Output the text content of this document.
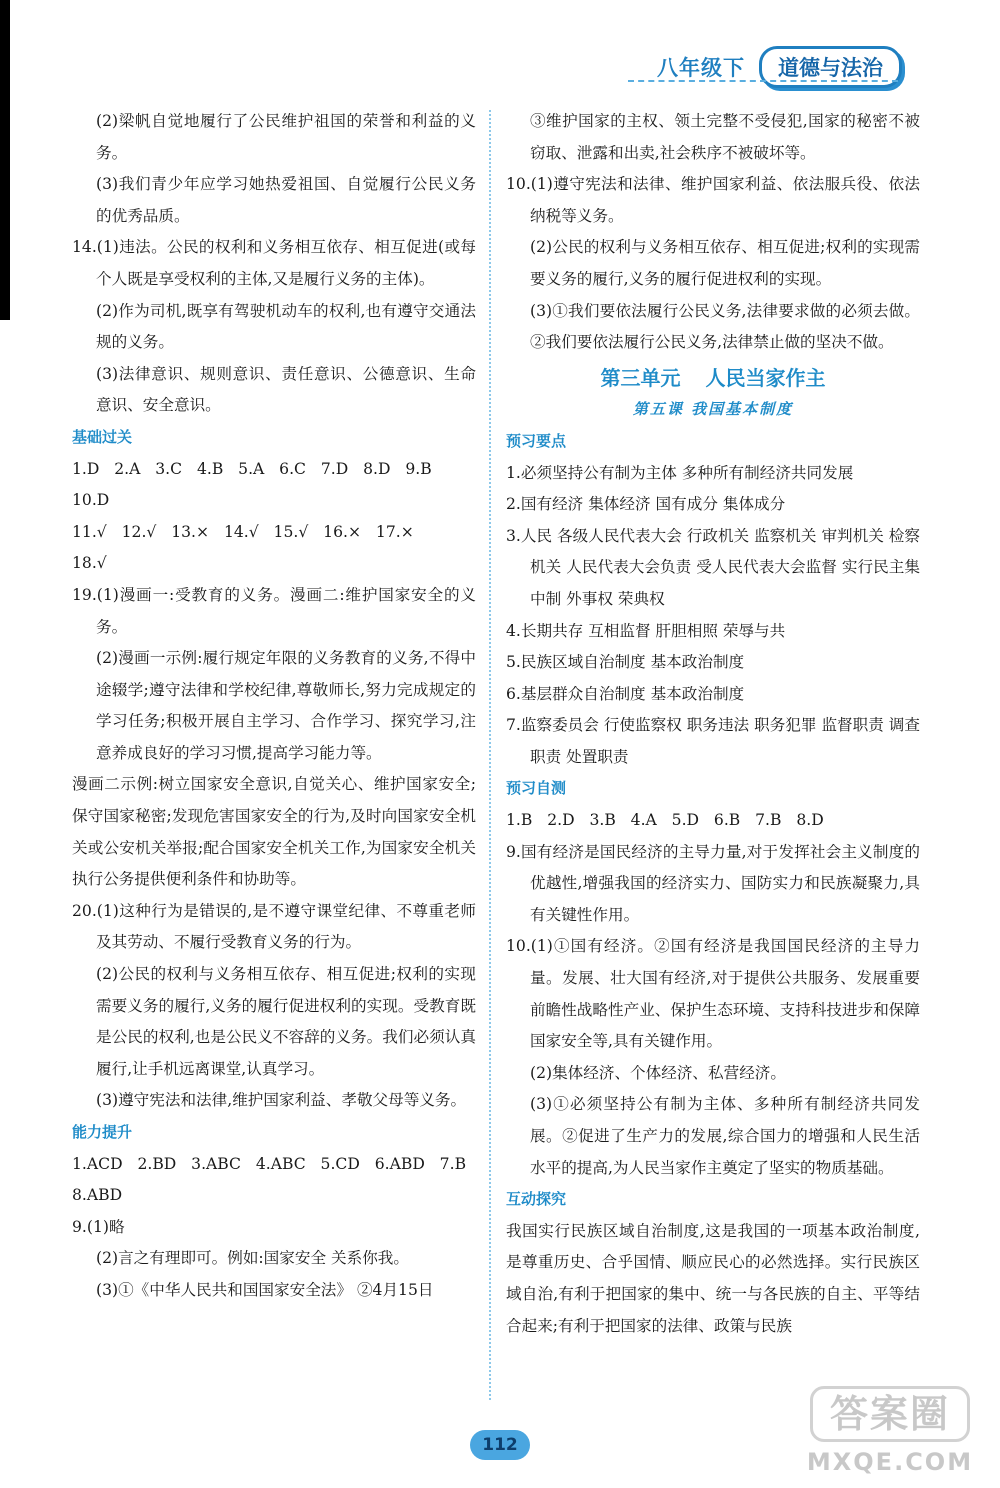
八年级下	道德与法治

(2)梁帆自觉地履行了公民维护祖国的荣誉和利益的义务。

(3)我们青少年应学习她热爱祖国、自觉履行公民义务的优秀品质。

14.(1)违法。公民的权利和义务相互依存、相互促进(或每个人既是享受权利的主体,又是履行义务的主体)。

(2)作为司机,既享有驾驶机动车的权利,也有遵守交通法规的义务。

(3)法律意识、规则意识、责任意识、公德意识、生命意识、安全意识。

基础过关

1.D   2.A   3.C   4.B   5.A   6.C   7.D   8.D   9.B

10.D

11.√   12.√   13.×   14.√   15.√   16.×   17.×

18.√

19.(1)漫画一:受教育的义务。漫画二:维护国家安全的义务。

(2)漫画一示例:履行规定年限的义务教育的义务,不得中途辍学;遵守法律和学校纪律,尊敬师长,努力完成规定的学习任务;积极开展自主学习、合作学习、探究学习,注意养成良好的学习习惯,提高学习能力等。

漫画二示例:树立国家安全意识,自觉关心、维护国家安全;保守国家秘密;发现危害国家安全的行为,及时向国家安全机关或公安机关举报;配合国家安全机关工作,为国家安全机关执行公务提供便利条件和协助等。

20.(1)这种行为是错误的,是不遵守课堂纪律、不尊重老师及其劳动、不履行受教育义务的行为。

(2)公民的权利与义务相互依存、相互促进;权利的实现需要义务的履行,义务的履行促进权利的实现。受教育既是公民的权利,也是公民义不容辞的义务。我们必须认真履行,让手机远离课堂,认真学习。

(3)遵守宪法和法律,维护国家利益、孝敬父母等义务。

能力提升

1.ACD   2.BD   3.ABC   4.ABC   5.CD   6.ABD   7.B

8.ABD

9.(1)略

(2)言之有理即可。例如:国家安全 关系你我。

(3)①《中华人民共和国国家安全法》 ②4月15日

③维护国家的主权、领土完整不受侵犯,国家的秘密不被窃取、泄露和出卖,社会秩序不被破坏等。

10.(1)遵守宪法和法律、维护国家利益、依法服兵役、依法纳税等义务。

(2)公民的权利与义务相互依存、相互促进;权利的实现需要义务的履行,义务的履行促进权利的实现。

(3)①我们要依法履行公民义务,法律要求做的必须去做。②我们要依法履行公民义务,法律禁止做的坚决不做。

第三单元 人民当家作主

第五课 我国基本制度

预习要点

1.必须坚持公有制为主体 多种所有制经济共同发展

2.国有经济 集体经济 国有成分 集体成分

3.人民 各级人民代表大会 行政机关 监察机关 审判机关 检察机关 人民代表大会负责 受人民代表大会监督 实行民主集中制 外事权 荣典权

4.长期共存 互相监督 肝胆相照 荣辱与共

5.民族区域自治制度 基本政治制度

6.基层群众自治制度 基本政治制度

7.监察委员会 行使监察权 职务违法 职务犯罪 监督职责 调查职责 处置职责

预习自测

1.B   2.D   3.B   4.A   5.D   6.B   7.B   8.D

9.国有经济是国民经济的主导力量,对于发挥社会主义制度的优越性,增强我国的经济实力、国防实力和民族凝聚力,具有关键性作用。

10.(1)①国有经济。②国有经济是我国国民经济的主导力量。发展、壮大国有经济,对于提供公共服务、发展重要前瞻性战略性产业、保护生态环境、支持科技进步和保障国家安全等,具有关键作用。

(2)集体经济、个体经济、私营经济。

(3)①必须坚持公有制为主体、多种所有制经济共同发展。②促进了生产力的发展,综合国力的增强和人民生活水平的提高,为人民当家作主奠定了坚实的物质基础。

互动探究

我国实行民族区域自治制度,这是我国的一项基本政治制度,是尊重历史、合乎国情、顺应民心的必然选择。实行民族区域自治,有利于把国家的集中、统一与各民族的自主、平等结合起来;有利于把国家的法律、政策与民族

112
答案圈
MXQE.COM
